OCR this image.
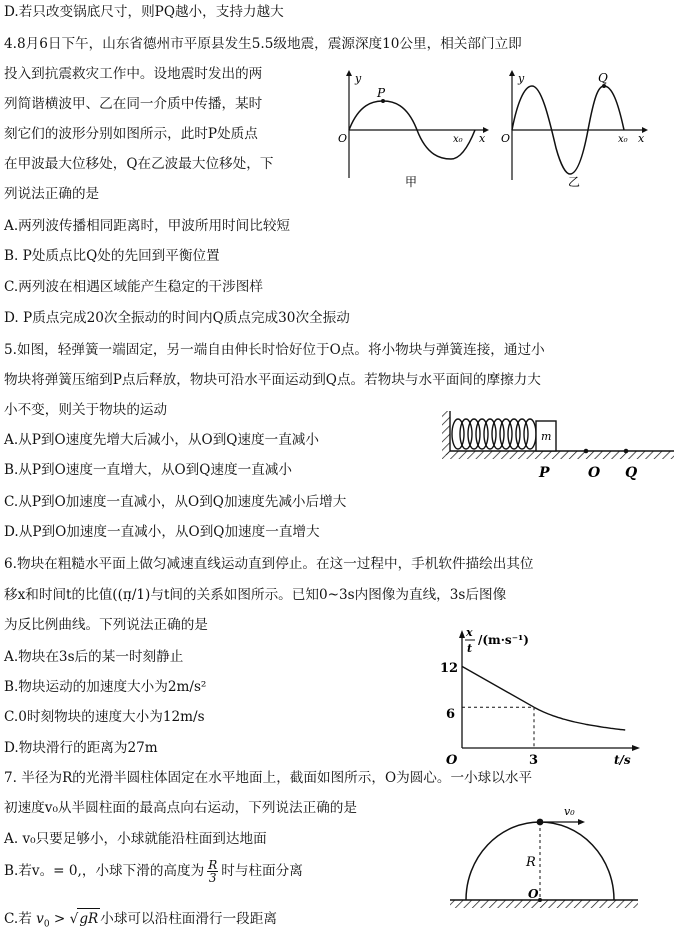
D.若只改变锅底尺寸，则PQ越小，支持力越大
4.8月6日下午，山东省德州市平原县发生5.5级地震，震源深度10公里，相关部门立即
投入到抗震救灾工作中。设地震时发出的两
列简谐横波甲、乙在同一介质中传播，某时
刻它们的波形分别如图所示，此时P处质点
在甲波最大位移处，Q在乙波最大位移处，下
列说法正确的是
A.两列波传播相同距离时，甲波所用时间比较短
B. P处质点比Q处的先回到平衡位置
C.两列波在相遇区域能产生稳定的干涉图样
D. P质点完成20次全振动的时间内Q质点完成30次全振动
y
P
O	x₀ x
甲
y	Q
O	x₀ x
乙
5.如图，轻弹簧一端固定，另一端自由伸长时恰好位于O点。将小物块与弹簧连接，通过小
物块将弹簧压缩到P点后释放，物块可沿水平面运动到Q点。若物块与水平面间的摩擦力大
小不变，则关于物块的运动
A.从P到O速度先增大后减小，从O到Q速度一直减小
B.从P到O速度一直增大，从O到Q速度一直减小
C.从P到O加速度一直减小，从O到Q加速度先减小后增大
D.从P到O加速度一直减小，从O到Q加速度一直增大
m
P	O Q
6.物块在粗糙水平面上做匀减速直线运动直到停止。在这一过程中，手机软件描绘出其位
移x和时间t的比值((π̣/1)与t间的关系如图所示。已知0~3s内图像为直线，3s后图像
为反比例曲线。下列说法正确的是
A.物块在3s后的某一时刻静止
B.物块运动的加速度大小为2m/s²
C.0时刻物块的速度大小为12m/s
D.物块滑行的距离为27m
x
t
/(m·s⁻¹)
12
6
O	3	t/s
7. 半径为R的光滑半圆柱体固定在水平地面上，截面如图所示，O为圆心。一小球以水平
初速度v₀从半圆柱面的最高点向右运动，下列说法正确的是
A. v₀只要足够小，小球就能沿柱面到达地面
B.若v。= 0,，小球下滑的高度为 $\frac{R}{3}$ 时与柱面分离
C.若 $v_0 > √gR$ 小球可以沿柱面滑行一段距离
v₀
R
O
